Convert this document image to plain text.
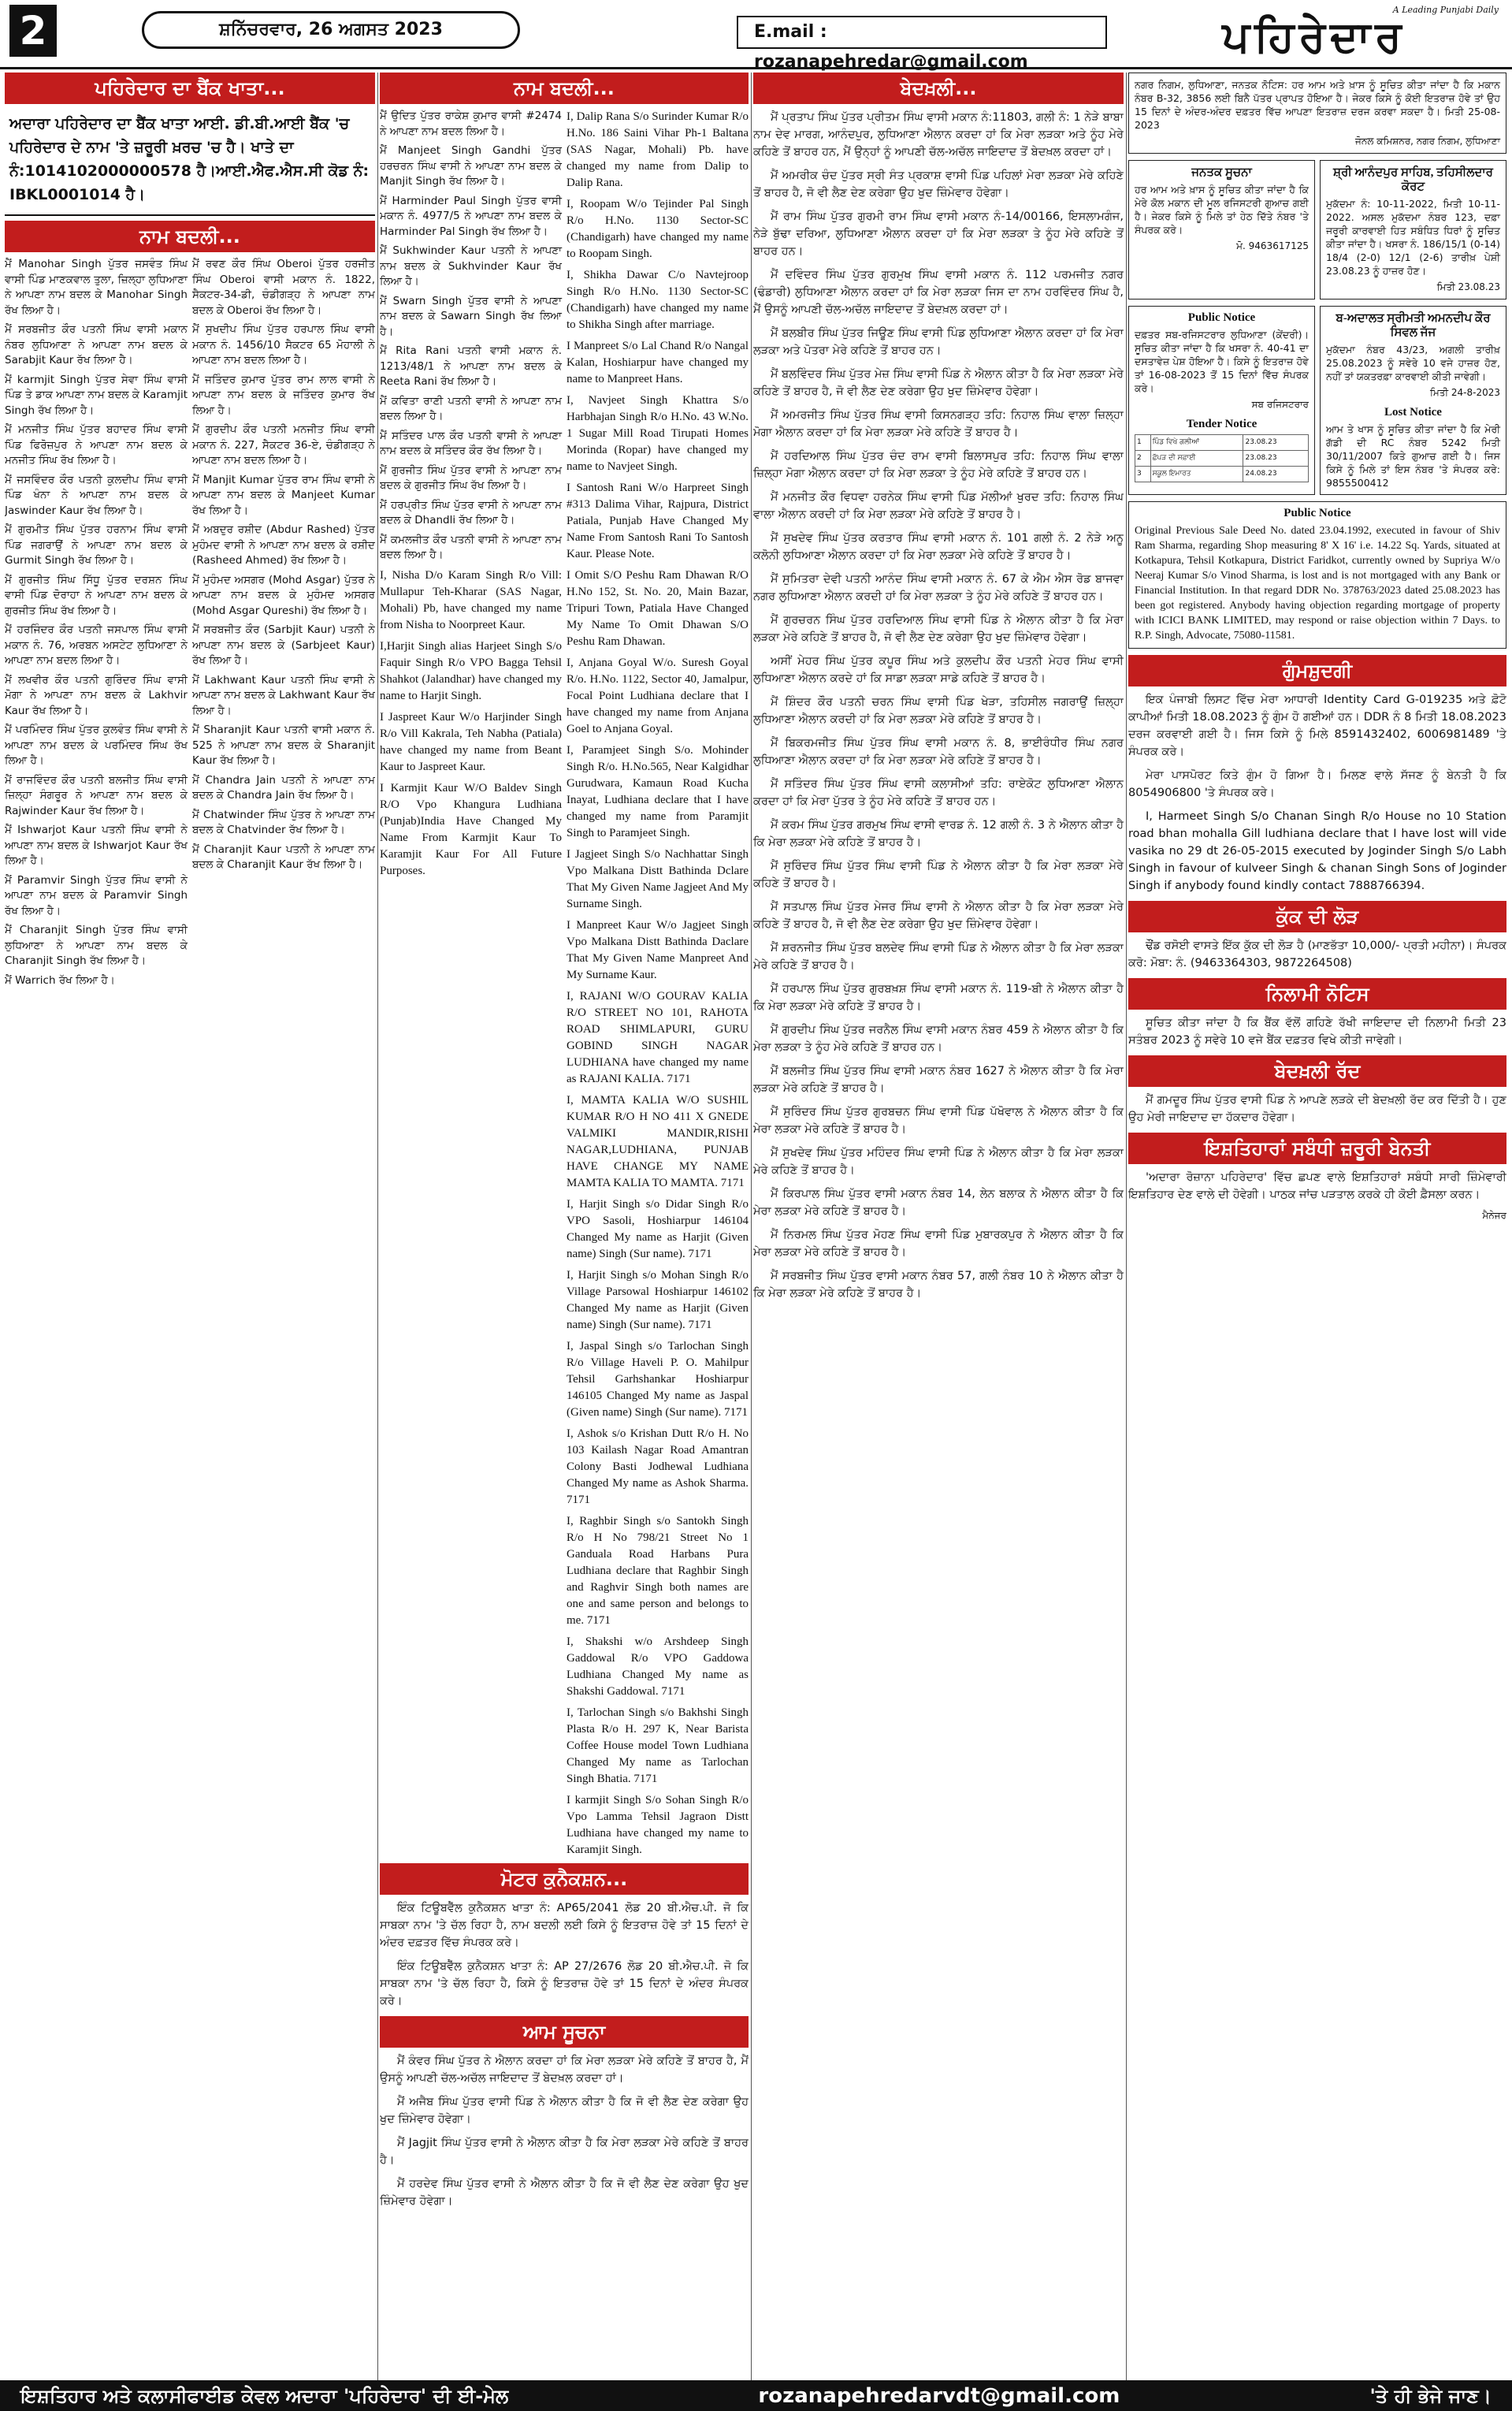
2	ਸ਼ਨਿੱਚਰਵਾਰ, 26 ਅਗਸਤ 2023	E.mail : rozanapehredar@gmail.com
A Leading Punjabi Daily
ਪਹਿਰੇਦਾਰ
ਪਹਿਰੇਦਾਰ ਦਾ ਬੈਂਕ ਖਾਤਾ...
ਅਦਾਰਾ ਪਹਿਰੇਦਾਰ ਦਾ ਬੈਂਕ ਖਾਤਾ ਆਈ. ਡੀ.ਬੀ.ਆਈ ਬੈਂਕ 'ਚ ਪਹਿਰੇਦਾਰ ਦੇ ਨਾਮ 'ਤੇ ਜ਼ਰੂਰੀ ਖ਼ਰਚ 'ਚ ਹੈ। ਖਾਤੇ ਦਾ ਨੰ:1014102000000578 ਹੈ।ਆਈ.ਐਫ.ਐਸ.ਸੀ ਕੋਡ ਨੰ: IBKL0001014 ਹੈ।
ਨਾਮ ਬਦਲੀ...
ਮੈਂ Manohar Singh ਪੁੱਤਰ ਜਸਵੰਤ ਸਿੰਘ ਵਾਸੀ ਪਿੰਡ ਮਾਣਕਵਾਲ ਤੁਲਾ, ਜ਼ਿਲ੍ਹਾ ਲੁਧਿਆਣਾ ਨੇ ਆਪਣਾ ਨਾਮ ਬਦਲ ਕੇ Manohar Singh ਰੱਖ ਲਿਆ ਹੈ।
ਮੈਂ ਸਰਬਜੀਤ ਕੌਰ ਪਤਨੀ ਸਿੰਘ ਵਾਸੀ ਮਕਾਨ ਨੰਬਰ ਲੁਧਿਆਣਾ ਨੇ ਆਪਣਾ ਨਾਮ ਬਦਲ ਕੇ Sarabjit Kaur ਰੱਖ ਲਿਆ ਹੈ।
ਮੈਂ karmjit Singh ਪੁੱਤਰ ਸੇਵਾ ਸਿੰਘ ਵਾਸੀ ਪਿੰਡ ਤੇ ਡਾਕ ਆਪਣਾ ਨਾਮ ਬਦਲ ਕੇ Karamjit Singh ਰੱਖ ਲਿਆ ਹੈ।
ਮੈਂ ਮਨਜੀਤ ਸਿੰਘ ਪੁੱਤਰ ਬਹਾਦਰ ਸਿੰਘ ਵਾਸੀ ਪਿੰਡ ਫਿਰੋਜ਼ਪੁਰ ਨੇ ਆਪਣਾ ਨਾਮ ਬਦਲ ਕੇ ਮਨਜੀਤ ਸਿੰਘ ਰੱਖ ਲਿਆ ਹੈ।
ਮੈਂ ਜਸਵਿੰਦਰ ਕੌਰ ਪਤਨੀ ਕੁਲਦੀਪ ਸਿੰਘ ਵਾਸੀ ਪਿੰਡ ਖੰਨਾ ਨੇ ਆਪਣਾ ਨਾਮ ਬਦਲ ਕੇ Jaswinder Kaur ਰੱਖ ਲਿਆ ਹੈ।
ਮੈਂ ਗੁਰਮੀਤ ਸਿੰਘ ਪੁੱਤਰ ਹਰਨਾਮ ਸਿੰਘ ਵਾਸੀ ਪਿੰਡ ਜਗਰਾਉਂ ਨੇ ਆਪਣਾ ਨਾਮ ਬਦਲ ਕੇ Gurmit Singh ਰੱਖ ਲਿਆ ਹੈ।
ਮੈਂ ਗੁਰਜੀਤ ਸਿੰਘ ਸਿੱਧੂ ਪੁੱਤਰ ਦਰਸ਼ਨ ਸਿੰਘ ਵਾਸੀ ਪਿੰਡ ਦੋਰਾਹਾ ਨੇ ਆਪਣਾ ਨਾਮ ਬਦਲ ਕੇ ਗੁਰਜੀਤ ਸਿੰਘ ਰੱਖ ਲਿਆ ਹੈ।
ਮੈਂ ਹਰਜਿੰਦਰ ਕੌਰ ਪਤਨੀ ਜਸਪਾਲ ਸਿੰਘ ਵਾਸੀ ਮਕਾਨ ਨੰ. 76, ਅਰਬਨ ਅਸਟੇਟ ਲੁਧਿਆਣਾ ਨੇ ਆਪਣਾ ਨਾਮ ਬਦਲ ਲਿਆ ਹੈ।
ਮੈਂ ਲਖਵੀਰ ਕੌਰ ਪਤਨੀ ਗੁਰਿੰਦਰ ਸਿੰਘ ਵਾਸੀ ਮੋਗਾ ਨੇ ਆਪਣਾ ਨਾਮ ਬਦਲ ਕੇ Lakhvir Kaur ਰੱਖ ਲਿਆ ਹੈ।
ਮੈਂ ਪਰਮਿੰਦਰ ਸਿੰਘ ਪੁੱਤਰ ਕੁਲਵੰਤ ਸਿੰਘ ਵਾਸੀ ਨੇ ਆਪਣਾ ਨਾਮ ਬਦਲ ਕੇ ਪਰਮਿੰਦਰ ਸਿੰਘ ਰੱਖ ਲਿਆ ਹੈ।
ਮੈਂ ਰਾਜਵਿੰਦਰ ਕੌਰ ਪਤਨੀ ਬਲਜੀਤ ਸਿੰਘ ਵਾਸੀ ਜ਼ਿਲ੍ਹਾ ਸੰਗਰੂਰ ਨੇ ਆਪਣਾ ਨਾਮ ਬਦਲ ਕੇ Rajwinder Kaur ਰੱਖ ਲਿਆ ਹੈ।
ਮੈਂ Ishwarjot Kaur ਪਤਨੀ ਸਿੰਘ ਵਾਸੀ ਨੇ ਆਪਣਾ ਨਾਮ ਬਦਲ ਕੇ Ishwarjot Kaur ਰੱਖ ਲਿਆ ਹੈ।
ਮੈਂ Paramvir Singh ਪੁੱਤਰ ਸਿੰਘ ਵਾਸੀ ਨੇ ਆਪਣਾ ਨਾਮ ਬਦਲ ਕੇ Paramvir Singh ਰੱਖ ਲਿਆ ਹੈ।
ਮੈਂ Charanjit Singh ਪੁੱਤਰ ਸਿੰਘ ਵਾਸੀ ਲੁਧਿਆਣਾ ਨੇ ਆਪਣਾ ਨਾਮ ਬਦਲ ਕੇ Charanjit Singh ਰੱਖ ਲਿਆ ਹੈ।
ਮੈਂ Warrich ਰੱਖ ਲਿਆ ਹੈ।
ਮੈਂ ਰਵਣ ਕੌਰ ਸਿੰਘ Oberoi ਪੁੱਤਰ ਹਰਜੀਤ ਸਿੰਘ Oberoi ਵਾਸੀ ਮਕਾਨ ਨੰ. 1822, ਸੈਕਟਰ-34-ਡੀ, ਚੰਡੀਗੜ੍ਹ ਨੇ ਆਪਣਾ ਨਾਮ ਬਦਲ ਕੇ Oberoi ਰੱਖ ਲਿਆ ਹੈ।
ਮੈਂ ਸੁਖਦੀਪ ਸਿੰਘ ਪੁੱਤਰ ਹਰਪਾਲ ਸਿੰਘ ਵਾਸੀ ਮਕਾਨ ਨੰ. 1456/10 ਸੈਕਟਰ 65 ਮੋਹਾਲੀ ਨੇ ਆਪਣਾ ਨਾਮ ਬਦਲ ਲਿਆ ਹੈ।
ਮੈਂ ਜਤਿੰਦਰ ਕੁਮਾਰ ਪੁੱਤਰ ਰਾਮ ਲਾਲ ਵਾਸੀ ਨੇ ਆਪਣਾ ਨਾਮ ਬਦਲ ਕੇ ਜਤਿੰਦਰ ਕੁਮਾਰ ਰੱਖ ਲਿਆ ਹੈ।
ਮੈਂ ਗੁਰਦੀਪ ਕੌਰ ਪਤਨੀ ਮਨਜੀਤ ਸਿੰਘ ਵਾਸੀ ਮਕਾਨ ਨੰ. 227, ਸੈਕਟਰ 36-ਏ, ਚੰਡੀਗੜ੍ਹ ਨੇ ਆਪਣਾ ਨਾਮ ਬਦਲ ਲਿਆ ਹੈ।
ਮੈਂ Manjit Kumar ਪੁੱਤਰ ਰਾਮ ਸਿੰਘ ਵਾਸੀ ਨੇ ਆਪਣਾ ਨਾਮ ਬਦਲ ਕੇ Manjeet Kumar ਰੱਖ ਲਿਆ ਹੈ।
ਮੈਂ ਅਬਦੁਰ ਰਸ਼ੀਦ (Abdur Rashed) ਪੁੱਤਰ ਮੁਹੰਮਦ ਵਾਸੀ ਨੇ ਆਪਣਾ ਨਾਮ ਬਦਲ ਕੇ ਰਸ਼ੀਦ (Rasheed Ahmed) ਰੱਖ ਲਿਆ ਹੈ।
ਮੈਂ ਮੁਹੰਮਦ ਅਸਗਰ (Mohd Asgar) ਪੁੱਤਰ ਨੇ ਆਪਣਾ ਨਾਮ ਬਦਲ ਕੇ ਮੁਹੰਮਦ ਅਸਗਰ (Mohd Asgar Qureshi) ਰੱਖ ਲਿਆ ਹੈ।
ਮੈਂ ਸਰਬਜੀਤ ਕੌਰ (Sarbjit Kaur) ਪਤਨੀ ਨੇ ਆਪਣਾ ਨਾਮ ਬਦਲ ਕੇ (Sarbjeet Kaur) ਰੱਖ ਲਿਆ ਹੈ।
ਮੈਂ Lakhwant Kaur ਪਤਨੀ ਸਿੰਘ ਵਾਸੀ ਨੇ ਆਪਣਾ ਨਾਮ ਬਦਲ ਕੇ Lakhwant Kaur ਰੱਖ ਲਿਆ ਹੈ।
ਮੈਂ Sharanjit Kaur ਪਤਨੀ ਵਾਸੀ ਮਕਾਨ ਨੰ. 525 ਨੇ ਆਪਣਾ ਨਾਮ ਬਦਲ ਕੇ Sharanjit Kaur ਰੱਖ ਲਿਆ ਹੈ।
ਮੈਂ Chandra Jain ਪਤਨੀ ਨੇ ਆਪਣਾ ਨਾਮ ਬਦਲ ਕੇ Chandra Jain ਰੱਖ ਲਿਆ ਹੈ।
ਮੈਂ Chatwinder ਸਿੰਘ ਪੁੱਤਰ ਨੇ ਆਪਣਾ ਨਾਮ ਬਦਲ ਕੇ Chatvinder ਰੱਖ ਲਿਆ ਹੈ।
ਮੈਂ Charanjit Kaur ਪਤਨੀ ਨੇ ਆਪਣਾ ਨਾਮ ਬਦਲ ਕੇ Charanjit Kaur ਰੱਖ ਲਿਆ ਹੈ।
ਨਾਮ ਬਦਲੀ...
ਮੈਂ ਉਦਿਤ ਪੁੱਤਰ ਰਾਕੇਸ਼ ਕੁਮਾਰ ਵਾਸੀ #2474 ਨੇ ਆਪਣਾ ਨਾਮ ਬਦਲ ਲਿਆ ਹੈ।
ਮੈਂ Manjeet Singh Gandhi ਪੁੱਤਰ ਹਰਚਰਨ ਸਿੰਘ ਵਾਸੀ ਨੇ ਆਪਣਾ ਨਾਮ ਬਦਲ ਕੇ Manjit Singh ਰੱਖ ਲਿਆ ਹੈ।
ਮੈਂ Harminder Paul Singh ਪੁੱਤਰ ਵਾਸੀ ਮਕਾਨ ਨੰ. 4977/5 ਨੇ ਆਪਣਾ ਨਾਮ ਬਦਲ ਕੇ Harminder Pal Singh ਰੱਖ ਲਿਆ ਹੈ।
ਮੈਂ Sukhwinder Kaur ਪਤਨੀ ਨੇ ਆਪਣਾ ਨਾਮ ਬਦਲ ਕੇ Sukhvinder Kaur ਰੱਖ ਲਿਆ ਹੈ।
ਮੈਂ Swarn Singh ਪੁੱਤਰ ਵਾਸੀ ਨੇ ਆਪਣਾ ਨਾਮ ਬਦਲ ਕੇ Sawarn Singh ਰੱਖ ਲਿਆ ਹੈ।
ਮੈਂ Rita Rani ਪਤਨੀ ਵਾਸੀ ਮਕਾਨ ਨੰ. 1213/48/1 ਨੇ ਆਪਣਾ ਨਾਮ ਬਦਲ ਕੇ Reeta Rani ਰੱਖ ਲਿਆ ਹੈ।
ਮੈਂ ਕਵਿਤਾ ਰਾਣੀ ਪਤਨੀ ਵਾਸੀ ਨੇ ਆਪਣਾ ਨਾਮ ਬਦਲ ਲਿਆ ਹੈ।
ਮੈਂ ਸਤਿੰਦਰ ਪਾਲ ਕੌਰ ਪਤਨੀ ਵਾਸੀ ਨੇ ਆਪਣਾ ਨਾਮ ਬਦਲ ਕੇ ਸਤਿੰਦਰ ਕੌਰ ਰੱਖ ਲਿਆ ਹੈ।
ਮੈਂ ਗੁਰਜੀਤ ਸਿੰਘ ਪੁੱਤਰ ਵਾਸੀ ਨੇ ਆਪਣਾ ਨਾਮ ਬਦਲ ਕੇ ਗੁਰਜੀਤ ਸਿੰਘ ਰੱਖ ਲਿਆ ਹੈ।
ਮੈਂ ਹਰਪ੍ਰੀਤ ਸਿੰਘ ਪੁੱਤਰ ਵਾਸੀ ਨੇ ਆਪਣਾ ਨਾਮ ਬਦਲ ਕੇ Dhandli ਰੱਖ ਲਿਆ ਹੈ।
ਮੈਂ ਕਮਲਜੀਤ ਕੌਰ ਪਤਨੀ ਵਾਸੀ ਨੇ ਆਪਣਾ ਨਾਮ ਬਦਲ ਲਿਆ ਹੈ।
I, Nisha D/o Karam Singh R/o Vill: Mullapur Teh-Kharar (SAS Nagar, Mohali) Pb, have changed my name from Nisha to Noorpreet Kaur.
I,Harjit Singh alias Harjeet Singh S/o Faquir Singh R/o VPO Bagga Tehsil Shahkot (Jalandhar) have changed my name to Harjit Singh.
I Jaspreet Kaur W/o Harjinder Singh R/o Vill Kakrala, Teh Nabha (Patiala) have changed my name from Beant Kaur to Jaspreet Kaur.
I Karmjit Kaur W/O Baldev Singh R/O Vpo Khangura Ludhiana (Punjab)India Have Changed My Name From Karmjit Kaur To Karamjit Kaur For All Future Purposes.
I, Dalip Rana S/o Surinder Kumar R/o H.No. 186 Saini Vihar Ph-1 Baltana (SAS Nagar, Mohali) Pb. have changed my name from Dalip to Dalip Rana.
I, Roopam W/o Tejinder Pal Singh R/o H.No. 1130 Sector-SC (Chandigarh) have changed my name to Roopam Singh.
I, Shikha Dawar C/o Navtejroop Singh R/o H.No. 1130 Sector-SC (Chandigarh) have changed my name to Shikha Singh after marriage.
I Manpreet S/o Lal Chand R/o Nangal Kalan, Hoshiarpur have changed my name to Manpreet Hans.
I, Navjeet Singh Khattra S/o Harbhajan Singh R/o H.No. 43 W.No. 1 Sugar Mill Road Tirupati Homes Morinda (Ropar) have changed my name to Navjeet Singh.
I Santosh Rani W/o Harpreet Singh #313 Dalima Vihar, Rajpura, District Patiala, Punjab Have Changed My Name From Santosh Rani To Santosh Kaur. Please Note.
I Omit S/O Peshu Ram Dhawan R/O H.No 152, St. No. 20, Main Bazar, Tripuri Town, Patiala Have Changed My Name To Omit Dhawan S/O Peshu Ram Dhawan.
I, Anjana Goyal W/o. Suresh Goyal R/o. H.No. 1122, Sector 40, Jamalpur, Focal Point Ludhiana declare that I have changed my name from Anjana Goel to Anjana Goyal.
I, Paramjeet Singh S/o. Mohinder Singh R/o. H.No.565, Near Kalgidhar Gurudwara, Kamaun Road Kucha Inayat, Ludhiana declare that I have changed my name from Paramjit Singh to Paramjeet Singh.
I Jagjeet Singh S/o Nachhattar Singh Vpo Malkana Distt Bathinda Dclare That My Given Name Jagjeet And My Surname Singh.
I Manpreet Kaur W/o Jagjeet Singh Vpo Malkana Distt Bathinda Daclare That My Given Name Manpreet And My Surname Kaur.
I, RAJANI W/O GOURAV KALIA R/O STREET NO 101, RAHOTA ROAD SHIMLAPURI, GURU GOBIND SINGH NAGAR LUDHIANA have changed my name as RAJANI KALIA. 7171
I, MAMTA KALIA W/O SUSHIL KUMAR R/O H NO 411 X GNEDE VALMIKI MANDIR,RISHI NAGAR,LUDHIANA, PUNJAB HAVE CHANGE MY NAME MAMTA KALIA TO MAMTA. 7171
I, Harjit Singh s/o Didar Singh R/o VPO Sasoli, Hoshiarpur 146104 Changed My name as Harjit (Given name) Singh (Sur name). 7171
I, Harjit Singh s/o Mohan Singh R/o Village Parsowal Hoshiarpur 146102 Changed My name as Harjit (Given name) Singh (Sur name). 7171
I, Jaspal Singh s/o Tarlochan Singh R/o Village Haveli P. O. Mahilpur Tehsil Garhshankar Hoshiarpur 146105 Changed My name as Jaspal (Given name) Singh (Sur name). 7171
I, Ashok s/o Krishan Dutt R/o H. No 103 Kailash Nagar Road Amantran Colony Basti Jodhewal Ludhiana Changed My name as Ashok Sharma. 7171
I, Raghbir Singh s/o Santokh Singh R/o H No 798/21 Street No 1 Ganduala Road Harbans Pura Ludhiana declare that Raghbir Singh and Raghvir Singh both names are one and same person and belongs to me. 7171
I, Shakshi w/o Arshdeep Singh Gaddowal R/o VPO Gaddowa Ludhiana Changed My name as Shakshi Gaddowal. 7171
I, Tarlochan Singh s/o Bakhshi Singh Plasta R/o H. 297 K, Near Barista Coffee House model Town Ludhiana Changed My name as Tarlochan Singh Bhatia. 7171
I karmjit Singh S/o Sohan Singh R/o Vpo Lamma Tehsil Jagraon Distt Ludhiana have changed my name to Karamjit Singh.
ਮੋਟਰ ਕੁਨੈਕਸ਼ਨ...
ਇੰਕ ਟਿਊਬਵੈੱਲ ਕੁਨੈਕਸ਼ਨ ਖਾਤਾ ਨੰ: AP65/2041 ਲੋਡ 20 ਬੀ.ਐਚ.ਪੀ. ਜੋ ਕਿ ਸਾਬਕਾ ਨਾਮ 'ਤੇ ਚੱਲ ਰਿਹਾ ਹੈ, ਨਾਮ ਬਦਲੀ ਲਈ ਕਿਸੇ ਨੂੰ ਇਤਰਾਜ਼ ਹੋਵੇ ਤਾਂ 15 ਦਿਨਾਂ ਦੇ ਅੰਦਰ ਦਫ਼ਤਰ ਵਿੱਚ ਸੰਪਰਕ ਕਰੇ।
ਇੰਕ ਟਿਊਬਵੈੱਲ ਕੁਨੈਕਸ਼ਨ ਖਾਤਾ ਨੰ: AP 27/2676 ਲੋਡ 20 ਬੀ.ਐਚ.ਪੀ. ਜੋ ਕਿ ਸਾਬਕਾ ਨਾਮ 'ਤੇ ਚੱਲ ਰਿਹਾ ਹੈ, ਕਿਸੇ ਨੂੰ ਇਤਰਾਜ਼ ਹੋਵੇ ਤਾਂ 15 ਦਿਨਾਂ ਦੇ ਅੰਦਰ ਸੰਪਰਕ ਕਰੇ।
ਆਮ ਸੂਚਨਾ
ਮੈਂ ਕੰਵਰ ਸਿੰਘ ਪੁੱਤਰ ਨੇ ਐਲਾਨ ਕਰਦਾ ਹਾਂ ਕਿ ਮੇਰਾ ਲੜਕਾ ਮੇਰੇ ਕਹਿਣੇ ਤੋਂ ਬਾਹਰ ਹੈ, ਮੈਂ ਉਸਨੂੰ ਆਪਣੀ ਚੱਲ-ਅਚੱਲ ਜਾਇਦਾਦ ਤੋਂ ਬੇਦਖ਼ਲ ਕਰਦਾ ਹਾਂ।
ਮੈਂ ਅਜੈਬ ਸਿੰਘ ਪੁੱਤਰ ਵਾਸੀ ਪਿੰਡ ਨੇ ਐਲਾਨ ਕੀਤਾ ਹੈ ਕਿ ਜੋ ਵੀ ਲੈਣ ਦੇਣ ਕਰੇਗਾ ਉਹ ਖੁਦ ਜ਼ਿੰਮੇਵਾਰ ਹੋਵੇਗਾ।
ਮੈਂ Jagjit ਸਿੰਘ ਪੁੱਤਰ ਵਾਸੀ ਨੇ ਐਲਾਨ ਕੀਤਾ ਹੈ ਕਿ ਮੇਰਾ ਲੜਕਾ ਮੇਰੇ ਕਹਿਣੇ ਤੋਂ ਬਾਹਰ ਹੈ।
ਮੈਂ ਹਰਦੇਵ ਸਿੰਘ ਪੁੱਤਰ ਵਾਸੀ ਨੇ ਐਲਾਨ ਕੀਤਾ ਹੈ ਕਿ ਜੋ ਵੀ ਲੈਣ ਦੇਣ ਕਰੇਗਾ ਉਹ ਖੁਦ ਜ਼ਿੰਮੇਵਾਰ ਹੋਵੇਗਾ।
ਬੇਦਖ਼ਲੀ...
ਮੈਂ ਪ੍ਰਤਾਪ ਸਿੰਘ ਪੁੱਤਰ ਪ੍ਰੀਤਮ ਸਿੰਘ ਵਾਸੀ ਮਕਾਨ ਨੰ:11803, ਗਲੀ ਨੰ: 1 ਨੇੜੇ ਬਾਬਾ ਨਾਮ ਦੇਵ ਮਾਰਗ, ਆਨੰਦਪੁਰ, ਲੁਧਿਆਣਾ ਐਲਾਨ ਕਰਦਾ ਹਾਂ ਕਿ ਮੇਰਾ ਲੜਕਾ ਅਤੇ ਨੂੰਹ ਮੇਰੇ ਕਹਿਣੇ ਤੋਂ ਬਾਹਰ ਹਨ, ਮੈਂ ਉਨ੍ਹਾਂ ਨੂੰ ਆਪਣੀ ਚੱਲ-ਅਚੱਲ ਜਾਇਦਾਦ ਤੋਂ ਬੇਦਖ਼ਲ ਕਰਦਾ ਹਾਂ।
ਮੈਂ ਅਮਰੀਕ ਚੰਦ ਪੁੱਤਰ ਸ੍ਰੀ ਸੰਤ ਪ੍ਰਕਾਸ਼ ਵਾਸੀ ਪਿੰਡ ਪਹਿਲਾਂ ਮੇਰਾ ਲੜਕਾ ਮੇਰੇ ਕਹਿਣੇ ਤੋਂ ਬਾਹਰ ਹੈ, ਜੋ ਵੀ ਲੈਣ ਦੇਣ ਕਰੇਗਾ ਉਹ ਖੁਦ ਜ਼ਿੰਮੇਵਾਰ ਹੋਵੇਗਾ।
ਮੈਂ ਰਾਮ ਸਿੰਘ ਪੁੱਤਰ ਗੁਰਮੀ ਰਾਮ ਸਿੰਘ ਵਾਸੀ ਮਕਾਨ ਨੰ-14/00166, ਇਸਲਾਮਗੰਜ, ਨੇੜੇ ਬੁੱਢਾ ਦਰਿਆ, ਲੁਧਿਆਣਾ ਐਲਾਨ ਕਰਦਾ ਹਾਂ ਕਿ ਮੇਰਾ ਲੜਕਾ ਤੇ ਨੂੰਹ ਮੇਰੇ ਕਹਿਣੇ ਤੋਂ ਬਾਹਰ ਹਨ।
ਮੈਂ ਦਵਿੰਦਰ ਸਿੰਘ ਪੁੱਤਰ ਗੁਰਮੁਖ ਸਿੰਘ ਵਾਸੀ ਮਕਾਨ ਨੰ. 112 ਪਰਮਜੀਤ ਨਗਰ (ਢੰਡਾਰੀ) ਲੁਧਿਆਣਾ ਐਲਾਨ ਕਰਦਾ ਹਾਂ ਕਿ ਮੇਰਾ ਲੜਕਾ ਜਿਸ ਦਾ ਨਾਮ ਹਰਵਿੰਦਰ ਸਿੰਘ ਹੈ, ਮੈਂ ਉਸਨੂੰ ਆਪਣੀ ਚੱਲ-ਅਚੱਲ ਜਾਇਦਾਦ ਤੋਂ ਬੇਦਖ਼ਲ ਕਰਦਾ ਹਾਂ।
ਮੈਂ ਬਲਬੀਰ ਸਿੰਘ ਪੁੱਤਰ ਜਿਊਣ ਸਿੰਘ ਵਾਸੀ ਪਿੰਡ ਲੁਧਿਆਣਾ ਐਲਾਨ ਕਰਦਾ ਹਾਂ ਕਿ ਮੇਰਾ ਲੜਕਾ ਅਤੇ ਪੋਤਰਾ ਮੇਰੇ ਕਹਿਣੇ ਤੋਂ ਬਾਹਰ ਹਨ।
ਮੈਂ ਬਲਵਿੰਦਰ ਸਿੰਘ ਪੁੱਤਰ ਮੇਜ਼ ਸਿੰਘ ਵਾਸੀ ਪਿੰਡ ਨੇ ਐਲਾਨ ਕੀਤਾ ਹੈ ਕਿ ਮੇਰਾ ਲੜਕਾ ਮੇਰੇ ਕਹਿਣੇ ਤੋਂ ਬਾਹਰ ਹੈ, ਜੋ ਵੀ ਲੈਣ ਦੇਣ ਕਰੇਗਾ ਉਹ ਖੁਦ ਜ਼ਿੰਮੇਵਾਰ ਹੋਵੇਗਾ।
ਮੈਂ ਅਮਰਜੀਤ ਸਿੰਘ ਪੁੱਤਰ ਸਿੰਘ ਵਾਸੀ ਕਿਸਨਗੜ੍ਹ ਤਹਿ: ਨਿਹਾਲ ਸਿੰਘ ਵਾਲਾ ਜ਼ਿਲ੍ਹਾ ਮੋਗਾ ਐਲਾਨ ਕਰਦਾ ਹਾਂ ਕਿ ਮੇਰਾ ਲੜਕਾ ਮੇਰੇ ਕਹਿਣੇ ਤੋਂ ਬਾਹਰ ਹੈ।
ਮੈਂ ਹਰਦਿਆਲ ਸਿੰਘ ਪੁੱਤਰ ਚੰਦ ਰਾਮ ਵਾਸੀ ਬਿਲਾਸਪੁਰ ਤਹਿ: ਨਿਹਾਲ ਸਿੰਘ ਵਾਲਾ ਜ਼ਿਲ੍ਹਾ ਮੋਗਾ ਐਲਾਨ ਕਰਦਾ ਹਾਂ ਕਿ ਮੇਰਾ ਲੜਕਾ ਤੇ ਨੂੰਹ ਮੇਰੇ ਕਹਿਣੇ ਤੋਂ ਬਾਹਰ ਹਨ।
ਮੈਂ ਮਨਜੀਤ ਕੌਰ ਵਿਧਵਾ ਹਰਨੇਕ ਸਿੰਘ ਵਾਸੀ ਪਿੰਡ ਮੱਲੀਆਂ ਖੁਰਦ ਤਹਿ: ਨਿਹਾਲ ਸਿੰਘ ਵਾਲਾ ਐਲਾਨ ਕਰਦੀ ਹਾਂ ਕਿ ਮੇਰਾ ਲੜਕਾ ਮੇਰੇ ਕਹਿਣੇ ਤੋਂ ਬਾਹਰ ਹੈ।
ਮੈਂ ਸੁਖਦੇਵ ਸਿੰਘ ਪੁੱਤਰ ਕਰਤਾਰ ਸਿੰਘ ਵਾਸੀ ਮਕਾਨ ਨੰ. 101 ਗਲੀ ਨੰ. 2 ਨੇੜੇ ਅਨੂ ਕਲੋਨੀ ਲੁਧਿਆਣਾ ਐਲਾਨ ਕਰਦਾ ਹਾਂ ਕਿ ਮੇਰਾ ਲੜਕਾ ਮੇਰੇ ਕਹਿਣੇ ਤੋਂ ਬਾਹਰ ਹੈ।
ਮੈਂ ਸੁਮਿਤਰਾ ਦੇਵੀ ਪਤਨੀ ਆਨੰਦ ਸਿੰਘ ਵਾਸੀ ਮਕਾਨ ਨੰ. 67 ਕੇ ਐਮ ਐਸ ਰੋਡ ਬਾਜਵਾ ਨਗਰ ਲੁਧਿਆਣਾ ਐਲਾਨ ਕਰਦੀ ਹਾਂ ਕਿ ਮੇਰਾ ਲੜਕਾ ਤੇ ਨੂੰਹ ਮੇਰੇ ਕਹਿਣੇ ਤੋਂ ਬਾਹਰ ਹਨ।
ਮੈਂ ਗੁਰਚਰਨ ਸਿੰਘ ਪੁੱਤਰ ਹਰਦਿਆਲ ਸਿੰਘ ਵਾਸੀ ਪਿੰਡ ਨੇ ਐਲਾਨ ਕੀਤਾ ਹੈ ਕਿ ਮੇਰਾ ਲੜਕਾ ਮੇਰੇ ਕਹਿਣੇ ਤੋਂ ਬਾਹਰ ਹੈ, ਜੋ ਵੀ ਲੈਣ ਦੇਣ ਕਰੇਗਾ ਉਹ ਖੁਦ ਜ਼ਿੰਮੇਵਾਰ ਹੋਵੇਗਾ।
ਅਸੀਂ ਮੇਹਰ ਸਿੰਘ ਪੁੱਤਰ ਕਪੂਰ ਸਿੰਘ ਅਤੇ ਕੁਲਦੀਪ ਕੌਰ ਪਤਨੀ ਮੇਹਰ ਸਿੰਘ ਵਾਸੀ ਲੁਧਿਆਣਾ ਐਲਾਨ ਕਰਦੇ ਹਾਂ ਕਿ ਸਾਡਾ ਲੜਕਾ ਸਾਡੇ ਕਹਿਣੇ ਤੋਂ ਬਾਹਰ ਹੈ।
ਮੈਂ ਸ਼ਿੰਦਰ ਕੌਰ ਪਤਨੀ ਚਰਨ ਸਿੰਘ ਵਾਸੀ ਪਿੰਡ ਖੇੜਾ, ਤਹਿਸੀਲ ਜਗਰਾਉਂ ਜ਼ਿਲ੍ਹਾ ਲੁਧਿਆਣਾ ਐਲਾਨ ਕਰਦੀ ਹਾਂ ਕਿ ਮੇਰਾ ਲੜਕਾ ਮੇਰੇ ਕਹਿਣੇ ਤੋਂ ਬਾਹਰ ਹੈ।
ਮੈਂ ਬਿਕਰਮਜੀਤ ਸਿੰਘ ਪੁੱਤਰ ਸਿੰਘ ਵਾਸੀ ਮਕਾਨ ਨੰ. 8, ਭਾਈਰੰਧੀਰ ਸਿੰਘ ਨਗਰ ਲੁਧਿਆਣਾ ਐਲਾਨ ਕਰਦਾ ਹਾਂ ਕਿ ਮੇਰਾ ਲੜਕਾ ਮੇਰੇ ਕਹਿਣੇ ਤੋਂ ਬਾਹਰ ਹੈ।
ਮੈਂ ਸਤਿੰਦਰ ਸਿੰਘ ਪੁੱਤਰ ਸਿੰਘ ਵਾਸੀ ਕਲਾਸੀਆਂ ਤਹਿ: ਰਾਏਕੋਟ ਲੁਧਿਆਣਾ ਐਲਾਨ ਕਰਦਾ ਹਾਂ ਕਿ ਮੇਰਾ ਪੁੱਤਰ ਤੇ ਨੂੰਹ ਮੇਰੇ ਕਹਿਣੇ ਤੋਂ ਬਾਹਰ ਹਨ।
ਮੈਂ ਕਰਮ ਸਿੰਘ ਪੁੱਤਰ ਗਰਮੁਖ ਸਿੰਘ ਵਾਸੀ ਵਾਰਡ ਨੰ. 12 ਗਲੀ ਨੰ. 3 ਨੇ ਐਲਾਨ ਕੀਤਾ ਹੈ ਕਿ ਮੇਰਾ ਲੜਕਾ ਮੇਰੇ ਕਹਿਣੇ ਤੋਂ ਬਾਹਰ ਹੈ।
ਮੈਂ ਸੁਰਿੰਦਰ ਸਿੰਘ ਪੁੱਤਰ ਸਿੰਘ ਵਾਸੀ ਪਿੰਡ ਨੇ ਐਲਾਨ ਕੀਤਾ ਹੈ ਕਿ ਮੇਰਾ ਲੜਕਾ ਮੇਰੇ ਕਹਿਣੇ ਤੋਂ ਬਾਹਰ ਹੈ।
ਮੈਂ ਸਤਪਾਲ ਸਿੰਘ ਪੁੱਤਰ ਮੇਜਰ ਸਿੰਘ ਵਾਸੀ ਨੇ ਐਲਾਨ ਕੀਤਾ ਹੈ ਕਿ ਮੇਰਾ ਲੜਕਾ ਮੇਰੇ ਕਹਿਣੇ ਤੋਂ ਬਾਹਰ ਹੈ, ਜੋ ਵੀ ਲੈਣ ਦੇਣ ਕਰੇਗਾ ਉਹ ਖੁਦ ਜ਼ਿੰਮੇਵਾਰ ਹੋਵੇਗਾ।
ਮੈਂ ਸ਼ਰਨਜੀਤ ਸਿੰਘ ਪੁੱਤਰ ਬਲਦੇਵ ਸਿੰਘ ਵਾਸੀ ਪਿੰਡ ਨੇ ਐਲਾਨ ਕੀਤਾ ਹੈ ਕਿ ਮੇਰਾ ਲੜਕਾ ਮੇਰੇ ਕਹਿਣੇ ਤੋਂ ਬਾਹਰ ਹੈ।
ਮੈਂ ਹਰਪਾਲ ਸਿੰਘ ਪੁੱਤਰ ਗੁਰਬਖ਼ਸ਼ ਸਿੰਘ ਵਾਸੀ ਮਕਾਨ ਨੰ. 119-ਬੀ ਨੇ ਐਲਾਨ ਕੀਤਾ ਹੈ ਕਿ ਮੇਰਾ ਲੜਕਾ ਮੇਰੇ ਕਹਿਣੇ ਤੋਂ ਬਾਹਰ ਹੈ।
ਮੈਂ ਗੁਰਦੀਪ ਸਿੰਘ ਪੁੱਤਰ ਜਰਨੈਲ ਸਿੰਘ ਵਾਸੀ ਮਕਾਨ ਨੰਬਰ 459 ਨੇ ਐਲਾਨ ਕੀਤਾ ਹੈ ਕਿ ਮੇਰਾ ਲੜਕਾ ਤੇ ਨੂੰਹ ਮੇਰੇ ਕਹਿਣੇ ਤੋਂ ਬਾਹਰ ਹਨ।
ਮੈਂ ਬਲਜੀਤ ਸਿੰਘ ਪੁੱਤਰ ਸਿੰਘ ਵਾਸੀ ਮਕਾਨ ਨੰਬਰ 1627 ਨੇ ਐਲਾਨ ਕੀਤਾ ਹੈ ਕਿ ਮੇਰਾ ਲੜਕਾ ਮੇਰੇ ਕਹਿਣੇ ਤੋਂ ਬਾਹਰ ਹੈ।
ਮੈਂ ਸੁਰਿੰਦਰ ਸਿੰਘ ਪੁੱਤਰ ਗੁਰਬਚਨ ਸਿੰਘ ਵਾਸੀ ਪਿੰਡ ਪੱਖੋਵਾਲ ਨੇ ਐਲਾਨ ਕੀਤਾ ਹੈ ਕਿ ਮੇਰਾ ਲੜਕਾ ਮੇਰੇ ਕਹਿਣੇ ਤੋਂ ਬਾਹਰ ਹੈ।
ਮੈਂ ਸੁਖਦੇਵ ਸਿੰਘ ਪੁੱਤਰ ਮਹਿੰਦਰ ਸਿੰਘ ਵਾਸੀ ਪਿੰਡ ਨੇ ਐਲਾਨ ਕੀਤਾ ਹੈ ਕਿ ਮੇਰਾ ਲੜਕਾ ਮੇਰੇ ਕਹਿਣੇ ਤੋਂ ਬਾਹਰ ਹੈ।
ਮੈਂ ਕਿਰਪਾਲ ਸਿੰਘ ਪੁੱਤਰ ਵਾਸੀ ਮਕਾਨ ਨੰਬਰ 14, ਲੇਨ ਬਲਾਕ ਨੇ ਐਲਾਨ ਕੀਤਾ ਹੈ ਕਿ ਮੇਰਾ ਲੜਕਾ ਮੇਰੇ ਕਹਿਣੇ ਤੋਂ ਬਾਹਰ ਹੈ।
ਮੈਂ ਨਿਰਮਲ ਸਿੰਘ ਪੁੱਤਰ ਮੋਹਣ ਸਿੰਘ ਵਾਸੀ ਪਿੰਡ ਮੁਬਾਰਕਪੁਰ ਨੇ ਐਲਾਨ ਕੀਤਾ ਹੈ ਕਿ ਮੇਰਾ ਲੜਕਾ ਮੇਰੇ ਕਹਿਣੇ ਤੋਂ ਬਾਹਰ ਹੈ।
ਮੈਂ ਸਰਬਜੀਤ ਸਿੰਘ ਪੁੱਤਰ ਵਾਸੀ ਮਕਾਨ ਨੰਬਰ 57, ਗਲੀ ਨੰਬਰ 10 ਨੇ ਐਲਾਨ ਕੀਤਾ ਹੈ ਕਿ ਮੇਰਾ ਲੜਕਾ ਮੇਰੇ ਕਹਿਣੇ ਤੋਂ ਬਾਹਰ ਹੈ।
ਨਗਰ ਨਿਗਮ, ਲੁਧਿਆਣਾ, ਜਨਤਕ ਨੋਟਿਸ: ਹਰ ਆਮ ਅਤੇ ਖ਼ਾਸ ਨੂੰ ਸੂਚਿਤ ਕੀਤਾ ਜਾਂਦਾ ਹੈ ਕਿ ਮਕਾਨ ਨੰਬਰ B-32, 3856 ਲਈ ਬਿਨੈ ਪੱਤਰ ਪ੍ਰਾਪਤ ਹੋਇਆ ਹੈ। ਜੇਕਰ ਕਿਸੇ ਨੂੰ ਕੋਈ ਇਤਰਾਜ਼ ਹੋਵੇ ਤਾਂ ਉਹ 15 ਦਿਨਾਂ ਦੇ ਅੰਦਰ-ਅੰਦਰ ਦਫ਼ਤਰ ਵਿੱਚ ਆਪਣਾ ਇਤਰਾਜ਼ ਦਰਜ ਕਰਵਾ ਸਕਦਾ ਹੈ। ਮਿਤੀ 25-08-2023
ਜੋਨਲ ਕਮਿਸ਼ਨਰ, ਨਗਰ ਨਿਗਮ, ਲੁਧਿਆਣਾ
ਜਨਤਕ ਸੂਚਨਾ
ਹਰ ਆਮ ਅਤੇ ਖ਼ਾਸ ਨੂੰ ਸੂਚਿਤ ਕੀਤਾ ਜਾਂਦਾ ਹੈ ਕਿ ਮੇਰੇ ਕੋਲ ਮਕਾਨ ਦੀ ਮੂਲ ਰਜਿਸਟਰੀ ਗੁਆਚ ਗਈ ਹੈ। ਜੇਕਰ ਕਿਸੇ ਨੂੰ ਮਿਲੇ ਤਾਂ ਹੇਠ ਦਿੱਤੇ ਨੰਬਰ 'ਤੇ ਸੰਪਰਕ ਕਰੇ।
ਮੋ. 9463617125
ਸ਼੍ਰੀ ਆਨੰਦਪੁਰ ਸਾਹਿਬ, ਤਹਿਸੀਲਦਾਰ ਕੋਰਟ
ਮੁਕੱਦਮਾ ਨੰ: 10-11-2022, ਮਿਤੀ 10-11-2022. ਅਸਲ ਮੁਕੱਦਮਾ ਨੰਬਰ 123, ਦਫ਼ਾ ਜਰੂਰੀ ਕਾਰਵਾਈ ਹਿਤ ਸਬੰਧਿਤ ਧਿਰਾਂ ਨੂੰ ਸੂਚਿਤ ਕੀਤਾ ਜਾਂਦਾ ਹੈ। ਖਸਰਾ ਨੰ. 186/15/1 (0-14) 18/4 (2-0) 12/1 (2-6) ਤਾਰੀਖ਼ ਪੇਸ਼ੀ 23.08.23 ਨੂੰ ਹਾਜ਼ਰ ਹੋਣ।
ਮਿਤੀ 23.08.23
Public Notice
ਦਫ਼ਤਰ ਸਬ-ਰਜਿਸਟਰਾਰ ਲੁਧਿਆਣਾ (ਕੇਂਦਰੀ)। ਸੂਚਿਤ ਕੀਤਾ ਜਾਂਦਾ ਹੈ ਕਿ ਖਸਰਾ ਨੰ. 40-41 ਦਾ ਦਸਤਾਵੇਜ਼ ਪੇਸ਼ ਹੋਇਆ ਹੈ। ਕਿਸੇ ਨੂੰ ਇਤਰਾਜ਼ ਹੋਵੇ ਤਾਂ 16-08-2023 ਤੋਂ 15 ਦਿਨਾਂ ਵਿੱਚ ਸੰਪਰਕ ਕਰੇ।
ਸਬ ਰਜਿਸਟਰਾਰ
Tender Notice
1	ਪਿੰਡ ਵਿਖੇ ਗਲੀਆਂ	23.08.23
2	ਛੱਪੜ ਦੀ ਸਫ਼ਾਈ	23.08.23
3	ਸਕੂਲ ਇਮਾਰਤ	24.08.23
ਬ-ਅਦਾਲਤ ਸ੍ਰੀਮਤੀ ਅਮਨਦੀਪ ਕੌਰ ਸਿਵਲ ਜੱਜ
ਮੁਕੱਦਮਾ ਨੰਬਰ 43/23, ਅਗਲੀ ਤਾਰੀਖ਼ 25.08.2023 ਨੂੰ ਸਵੇਰੇ 10 ਵਜੇ ਹਾਜ਼ਰ ਹੋਣ, ਨਹੀਂ ਤਾਂ ਯਕਤਰਫ਼ਾ ਕਾਰਵਾਈ ਕੀਤੀ ਜਾਵੇਗੀ।
ਮਿਤੀ 24-8-2023
Lost Notice
ਆਮ ਤੇ ਖਾਸ ਨੂੰ ਸੂਚਿਤ ਕੀਤਾ ਜਾਂਦਾ ਹੈ ਕਿ ਮੇਰੀ ਗੱਡੀ ਦੀ RC ਨੰਬਰ 5242 ਮਿਤੀ 30/11/2007 ਕਿਤੇ ਗੁਆਚ ਗਈ ਹੈ। ਜਿਸ ਕਿਸੇ ਨੂੰ ਮਿਲੇ ਤਾਂ ਇਸ ਨੰਬਰ 'ਤੇ ਸੰਪਰਕ ਕਰੇ: 9855500412
Public Notice
Original Previous Sale Deed No. dated 23.04.1992, executed in favour of Shiv Ram Sharma, regarding Shop measuring 8' X 16' i.e. 14.22 Sq. Yards, situated at Kotkapura, Tehsil Kotkapura, District Faridkot, currently owned by Supriya W/o Neeraj Kumar S/o Vinod Sharma, is lost and is not mortgaged with any Bank or Financial Institution. In that regard DDR No. 378763/2023 dated 25.08.2023 has been got registered. Anybody having objection regarding mortgage of property with ICICI BANK LIMITED, may respond or raise objection within 7 Days. to R.P. Singh, Advocate, 75080-11581.
ਗੁੰਮਸ਼ੁਦਗੀ
ਇਕ ਪੰਜਾਬੀ ਲਿਸਟ ਵਿੱਚ ਮੇਰਾ ਆਧਾਰੀ Identity Card G-019235 ਅਤੇ ਫ਼ੋਟੋ ਕਾਪੀਆਂ ਮਿਤੀ 18.08.2023 ਨੂੰ ਗੁੰਮ ਹੋ ਗਈਆਂ ਹਨ। DDR ਨੰ 8 ਮਿਤੀ 18.08.2023 ਦਰਜ ਕਰਵਾਈ ਗਈ ਹੈ। ਜਿਸ ਕਿਸੇ ਨੂੰ ਮਿਲੇ 8591432402, 6006981489 'ਤੇ ਸੰਪਰਕ ਕਰੇ।
ਮੇਰਾ ਪਾਸਪੋਰਟ ਕਿਤੇ ਗੁੰਮ ਹੋ ਗਿਆ ਹੈ। ਮਿਲਣ ਵਾਲੇ ਸੱਜਣ ਨੂੰ ਬੇਨਤੀ ਹੈ ਕਿ 8054906800 'ਤੇ ਸੰਪਰਕ ਕਰੇ।
I, Harmeet Singh S/o Chanan Singh R/o House no 10 Station road bhan mohalla Gill ludhiana declare that I have lost will vide vasika no 29 dt 26-05-2015 executed by Joginder Singh S/o Labh Singh in favour of kulveer Singh & chanan Singh Sons of Joginder Singh if anybody found kindly contact 7888766394.
ਕੁੱਕ ਦੀ ਲੋੜ
ਢੌਂਡ ਰਸੋਈ ਵਾਸਤੇ ਇੱਕ ਕੁੱਕ ਦੀ ਲੋੜ ਹੈ (ਮਾਣਭੱਤਾ 10,000/- ਪ੍ਰਤੀ ਮਹੀਨਾ)। ਸੰਪਰਕ ਕਰੋ: ਮੋਬਾ: ਨੰ. (9463364303, 9872264508)
ਨਿਲਾਮੀ ਨੋਟਿਸ
ਸੂਚਿਤ ਕੀਤਾ ਜਾਂਦਾ ਹੈ ਕਿ ਬੈਂਕ ਵੱਲੋਂ ਗਹਿਣੇ ਰੱਖੀ ਜਾਇਦਾਦ ਦੀ ਨਿਲਾਮੀ ਮਿਤੀ 23 ਸਤੰਬਰ 2023 ਨੂੰ ਸਵੇਰੇ 10 ਵਜੇ ਬੈਂਕ ਦਫ਼ਤਰ ਵਿਖੇ ਕੀਤੀ ਜਾਵੇਗੀ।
ਬੇਦਖ਼ਲੀ ਰੱਦ
ਮੈਂ ਗਮਦੂਰ ਸਿੰਘ ਪੁੱਤਰ ਵਾਸੀ ਪਿੰਡ ਨੇ ਆਪਣੇ ਲੜਕੇ ਦੀ ਬੇਦਖ਼ਲੀ ਰੱਦ ਕਰ ਦਿੱਤੀ ਹੈ। ਹੁਣ ਉਹ ਮੇਰੀ ਜਾਇਦਾਦ ਦਾ ਹੱਕਦਾਰ ਹੋਵੇਗਾ।
ਇਸ਼ਤਿਹਾਰਾਂ ਸਬੰਧੀ ਜ਼ਰੂਰੀ ਬੇਨਤੀ
'ਅਦਾਰਾ ਰੋਜ਼ਾਨਾ ਪਹਿਰੇਦਾਰ' ਵਿੱਚ ਛਪਣ ਵਾਲੇ ਇਸ਼ਤਿਹਾਰਾਂ ਸਬੰਧੀ ਸਾਰੀ ਜ਼ਿੰਮੇਵਾਰੀ ਇਸ਼ਤਿਹਾਰ ਦੇਣ ਵਾਲੇ ਦੀ ਹੋਵੇਗੀ। ਪਾਠਕ ਜਾਂਚ ਪੜਤਾਲ ਕਰਕੇ ਹੀ ਕੋਈ ਫ਼ੈਸਲਾ ਕਰਨ।
ਮੈਨੇਜਰ
ਇਸ਼ਤਿਹਾਰ ਅਤੇ ਕਲਾਸੀਫਾਈਡ ਕੇਵਲ ਅਦਾਰਾ 'ਪਹਿਰੇਦਾਰ' ਦੀ ਈ-ਮੇਲ	rozanapehredarvdt@gmail.com	'ਤੇ ਹੀ ਭੇਜੇ ਜਾਣ।
